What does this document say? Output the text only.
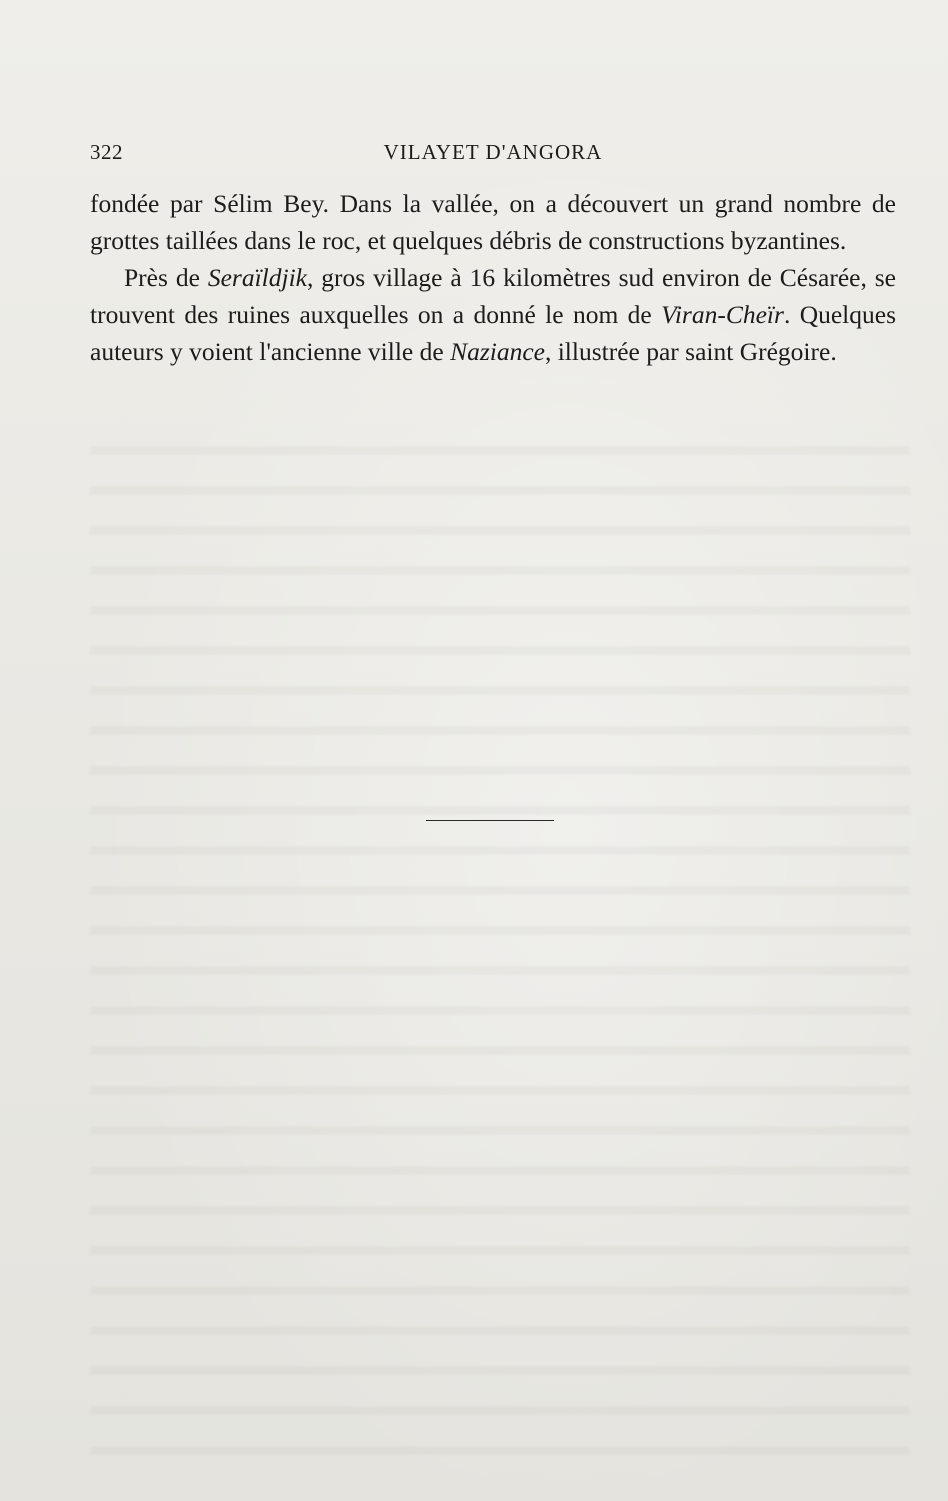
322	VILAYET D'ANGORA

fondée par Sélim Bey. Dans la vallée, on a découvert un grand nombre de grottes taillées dans le roc, et quelques débris de constructions byzantines.

Près de Seraïldjik, gros village à 16 kilomètres sud environ de Césarée, se trouvent des ruines auxquelles on a donné le nom de Viran-Cheïr. Quelques auteurs y voient l'ancienne ville de Naziance, illustrée par saint Grégoire.
